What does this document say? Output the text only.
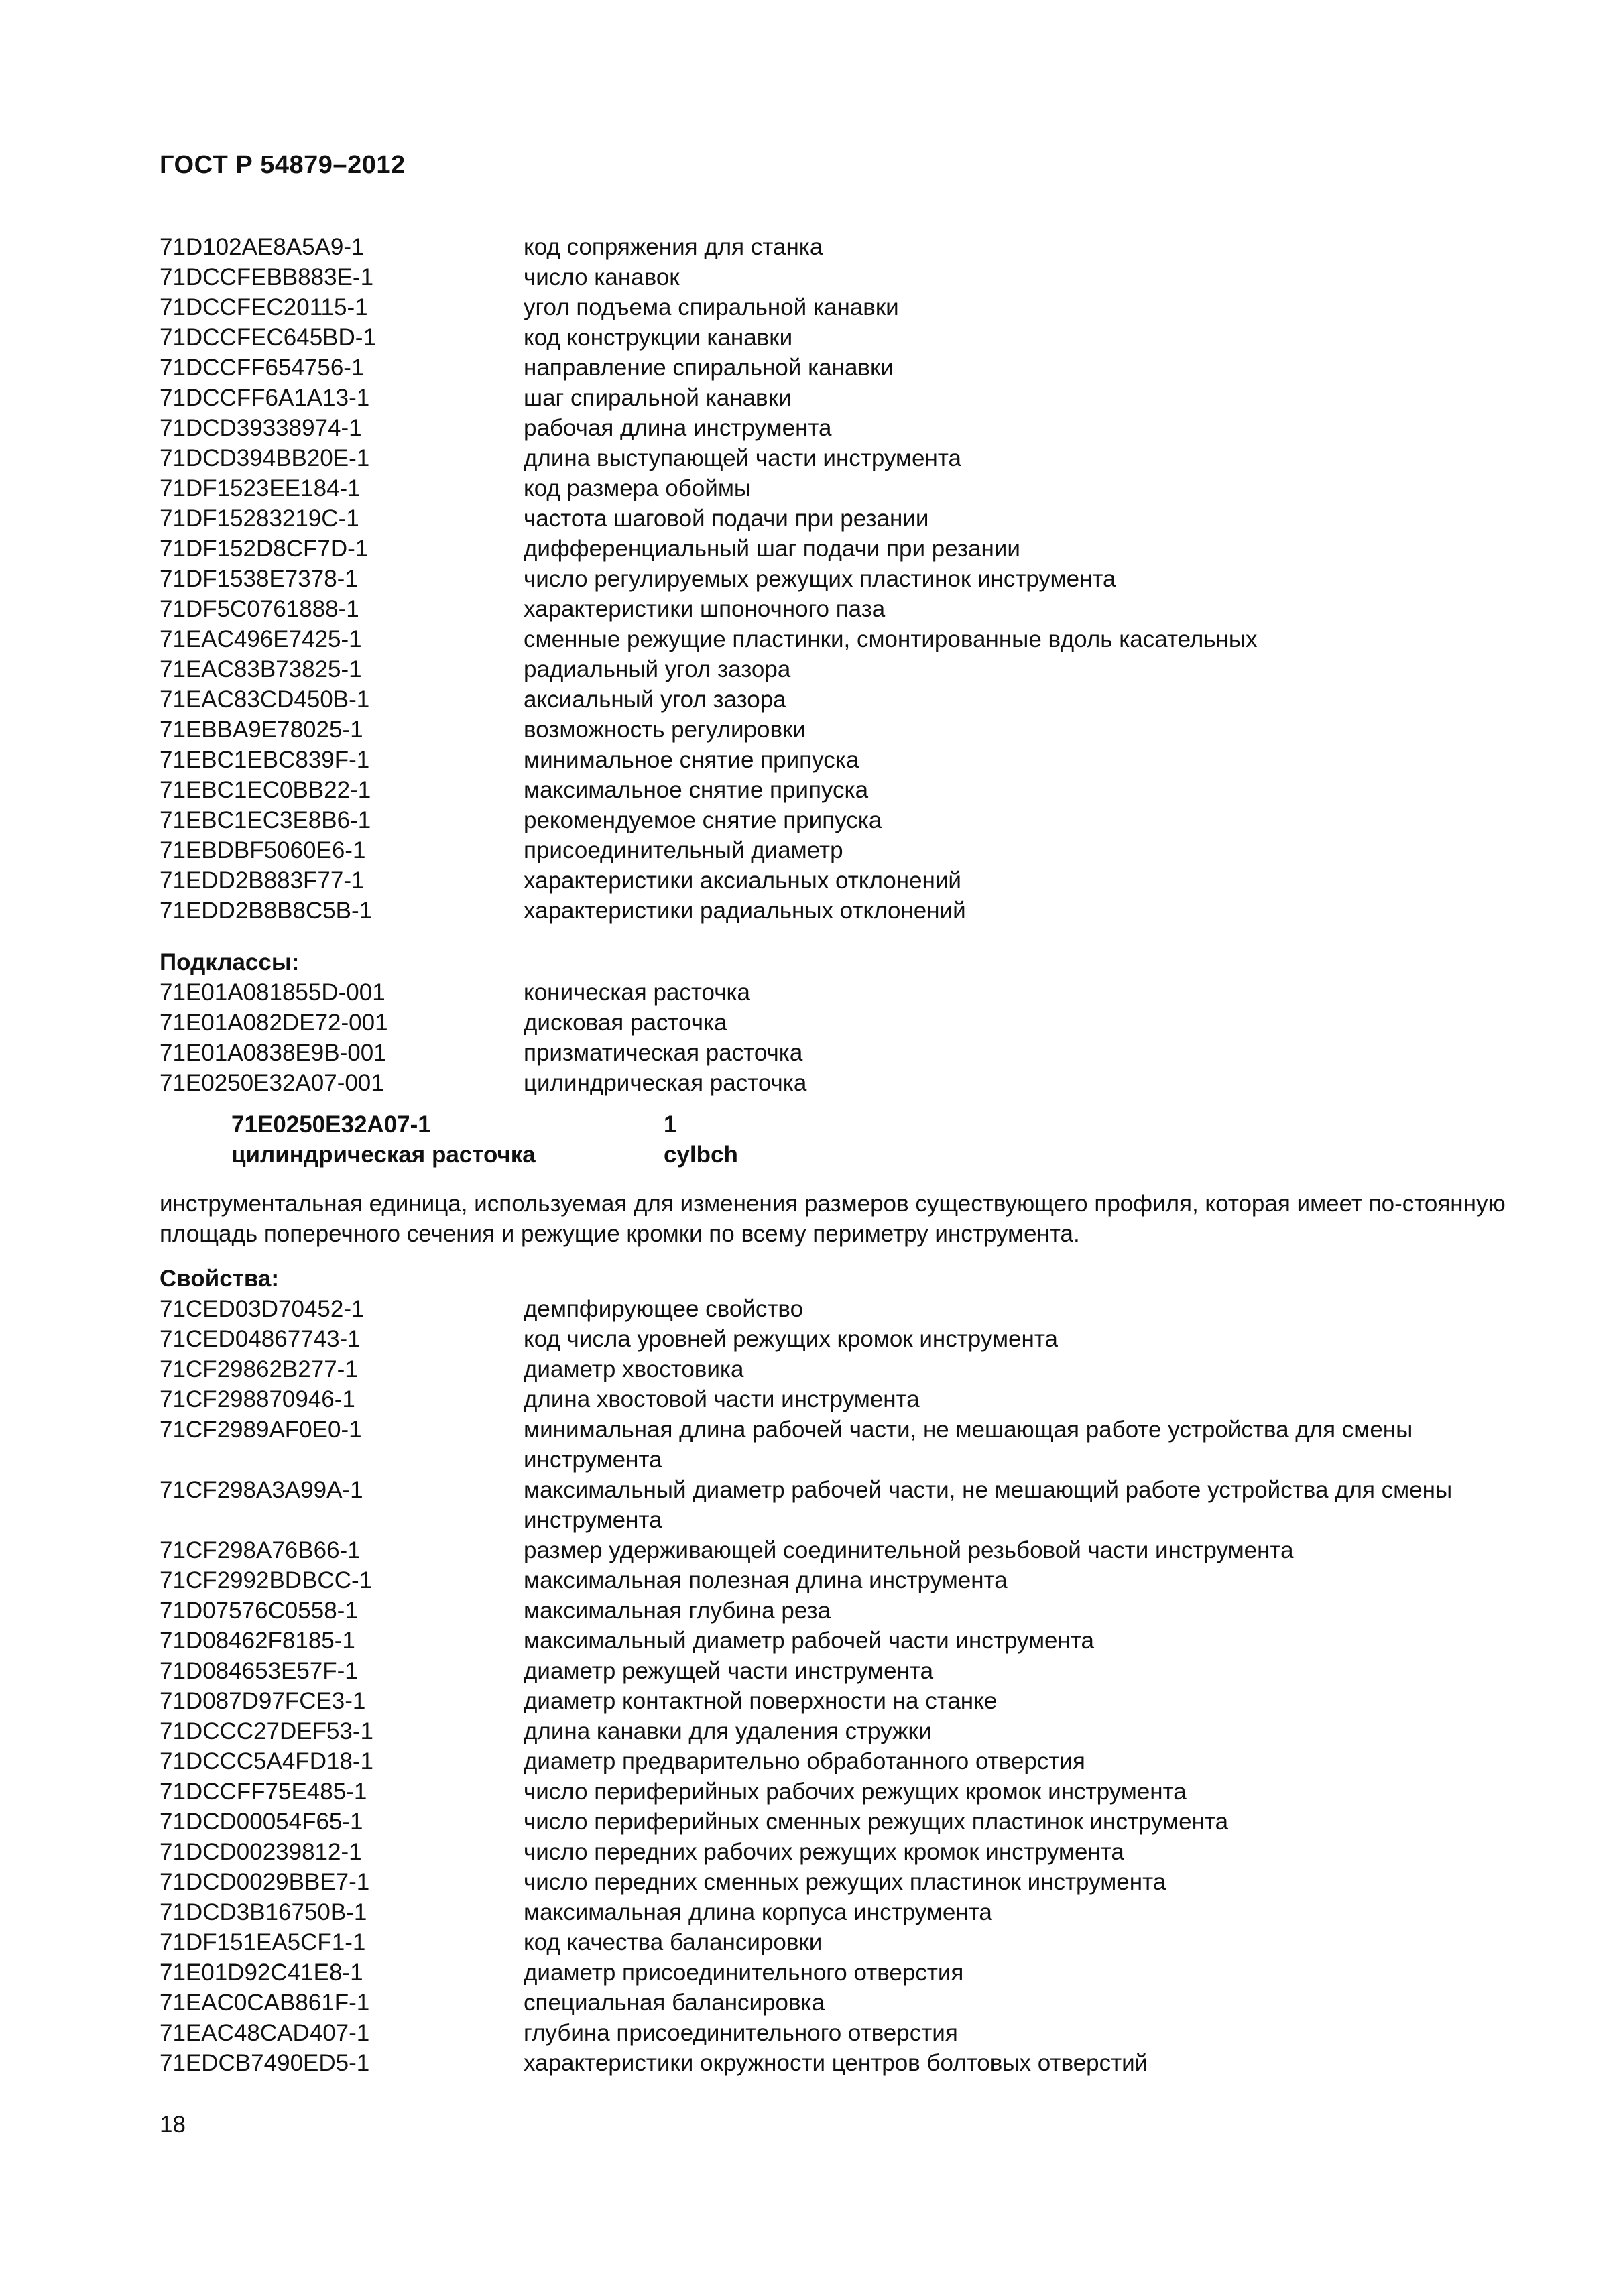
ГОСТ Р 54879–2012
71D102AE8A5A9-1	код сопряжения для станка
71DCCFEBB883E-1	число канавок
71DCCFEC20115-1	угол подъема спиральной канавки
71DCCFEC645BD-1	код конструкции канавки
71DCCFF654756-1	направление спиральной канавки
71DCCFF6A1A13-1	шаг спиральной канавки
71DCD39338974-1	рабочая длина инструмента
71DCD394BB20E-1	длина выступающей части инструмента
71DF1523EE184-1	код размера обоймы
71DF15283219C-1	частота шаговой подачи при резании
71DF152D8CF7D-1	дифференциальный шаг подачи при резании
71DF1538E7378-1	число регулируемых режущих пластинок инструмента
71DF5C0761888-1	характеристики шпоночного паза
71EAC496E7425-1	сменные режущие пластинки, смонтированные вдоль касательных
71EAC83B73825-1	радиальный угол зазора
71EAC83CD450B-1	аксиальный угол зазора
71EBBA9E78025-1	возможность регулировки
71EBC1EBC839F-1	минимальное снятие припуска
71EBC1EC0BB22-1	максимальное снятие припуска
71EBC1EC3E8B6-1	рекомендуемое снятие припуска
71EBDBF5060E6-1	присоединительный диаметр
71EDD2B883F77-1	характеристики аксиальных отклонений
71EDD2B8B8C5B-1	характеристики радиальных отклонений
Подклассы:
71E01A081855D-001	коническая расточка
71E01A082DE72-001	дисковая расточка
71E01A0838E9B-001	призматическая расточка
71E0250E32A07-001	цилиндрическая расточка
71E0250E32A07-1	1
цилиндрическая расточка	cylbch
инструментальная единица, используемая для изменения размеров существующего профиля, которая имеет по-стоянную площадь поперечного сечения и режущие кромки по всему периметру инструмента.
Свойства:
71CED03D70452-1	демпфирующее свойство
71CED04867743-1	код числа уровней режущих кромок инструмента
71CF29862B277-1	диаметр хвостовика
71CF298870946-1	длина хвостовой части инструмента
71CF2989AF0E0-1	минимальная длина рабочей части, не мешающая работе устройства для смены инструмента
71CF298A3A99A-1	максимальный диаметр рабочей части, не мешающий работе устройства для смены инструмента
71CF298A76B66-1	размер удерживающей соединительной резьбовой части инструмента
71CF2992BDBCC-1	максимальная полезная длина инструмента
71D07576C0558-1	максимальная глубина реза
71D08462F8185-1	максимальный диаметр рабочей части инструмента
71D084653E57F-1	диаметр режущей части инструмента
71D087D97FCE3-1	диаметр контактной поверхности на станке
71DCCC27DEF53-1	длина канавки для удаления стружки
71DCCC5A4FD18-1	диаметр предварительно обработанного отверстия
71DCCFF75E485-1	число периферийных рабочих режущих кромок инструмента
71DCD00054F65-1	число периферийных сменных режущих пластинок инструмента
71DCD00239812-1	число передних рабочих режущих кромок инструмента
71DCD0029BBE7-1	число передних сменных режущих пластинок инструмента
71DCD3B16750B-1	максимальная длина корпуса инструмента
71DF151EA5CF1-1	код качества балансировки
71E01D92C41E8-1	диаметр присоединительного отверстия
71EAC0CAB861F-1	специальная балансировка
71EAC48CAD407-1	глубина присоединительного отверстия
71EDCB7490ED5-1	характеристики окружности центров болтовых отверстий
18
